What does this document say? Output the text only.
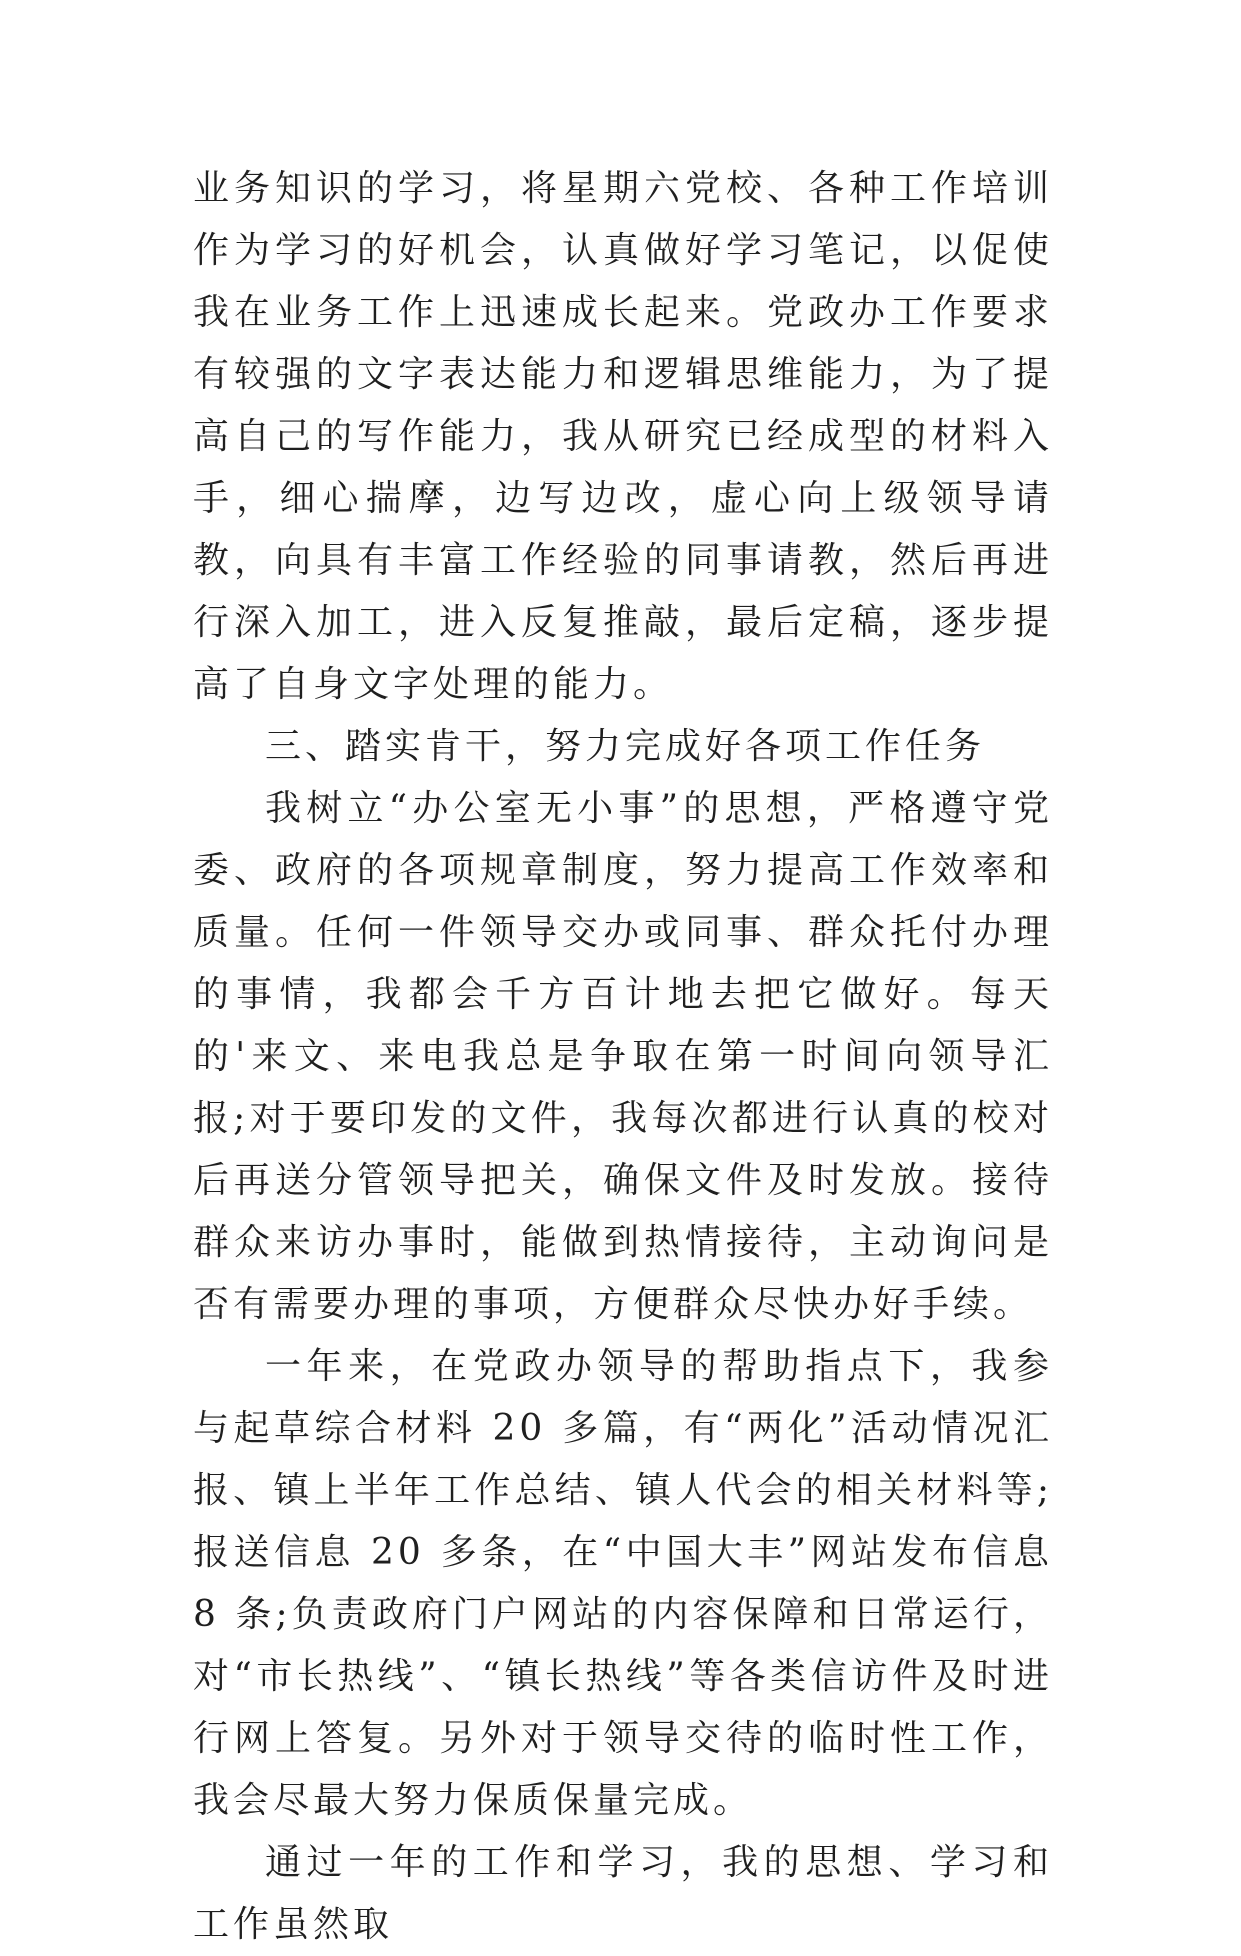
业务知识的学习，将星期六党校、各种工作培训作为学习的好机会，认真做好学习笔记，以促使我在业务工作上迅速成长起来。党政办工作要求有较强的文字表达能力和逻辑思维能力，为了提高自己的写作能力，我从研究已经成型的材料入手，细心揣摩，边写边改，虚心向上级领导请教，向具有丰富工作经验的同事请教，然后再进行深入加工，进入反复推敲，最后定稿，逐步提高了自身文字处理的能力。

三、踏实肯干，努力完成好各项工作任务

我树立“办公室无小事”的思想，严格遵守党委、政府的各项规章制度，努力提高工作效率和质量。任何一件领导交办或同事、群众托付办理的事情，我都会千方百计地去把它做好。每天的'来文、来电我总是争取在第一时间向领导汇报;对于要印发的文件，我每次都进行认真的校对后再送分管领导把关，确保文件及时发放。接待群众来访办事时，能做到热情接待，主动询问是否有需要办理的事项，方便群众尽快办好手续。

一年来，在党政办领导的帮助指点下，我参与起草综合材料 20 多篇，有“两化”活动情况汇报、镇上半年工作总结、镇人代会的相关材料等;报送信息 20 多条，在“中国大丰”网站发布信息 8 条;负责政府门户网站的内容保障和日常运行，对“市长热线”、“镇长热线”等各类信访件及时进行网上答复。另外对于领导交待的临时性工作，我会尽最大努力保质保量完成。

通过一年的工作和学习，我的思想、学习和工作虽然取
